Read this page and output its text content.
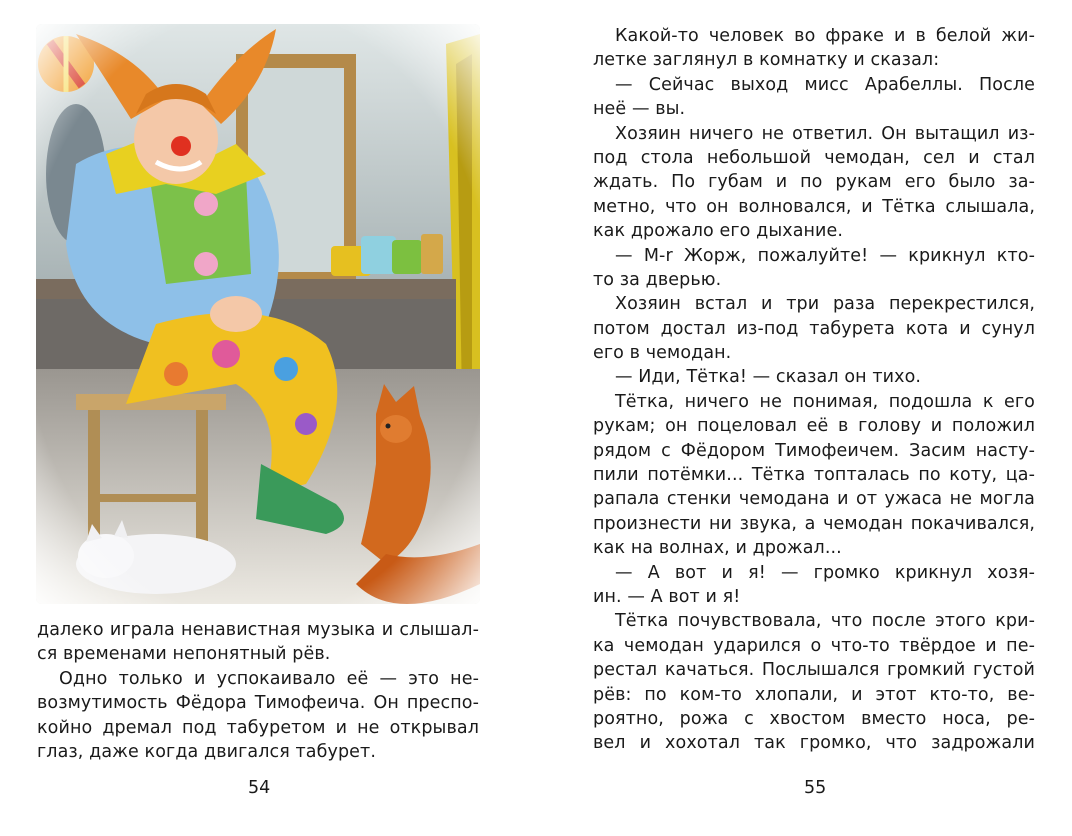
далеко играла ненавистная музыка и слышал-
ся временами непонятный рёв.
Одно только и успокаивало её — это не-
возмутимость Фёдора Тимофеича. Он преспо-
койно дремал под табуретом и не открывал
глаз, даже когда двигался табурет.
54
Какой-то человек во фраке и в белой жи-
летке заглянул в комнатку и сказал:
— Сейчас выход мисс Арабеллы. После
неё — вы.
Хозяин ничего не ответил. Он вытащил из-
под стола небольшой чемодан, сел и стал
ждать. По губам и по рукам его было за-
метно, что он волновался, и Тётка слышала,
как дрожало его дыхание.
— M-r Жорж, пожалуйте! — крикнул кто-
то за дверью.
Хозяин встал и три раза перекрестился,
потом достал из-под табурета кота и сунул
его в чемодан.
— Иди, Тётка! — сказал он тихо.
Тётка, ничего не понимая, подошла к его
рукам; он поцеловал её в голову и положил
рядом с Фёдором Тимофеичем. Засим насту-
пили потёмки... Тётка топталась по коту, ца-
рапала стенки чемодана и от ужаса не могла
произнести ни звука, а чемодан покачивался,
как на волнах, и дрожал...
— А вот и я! — громко крикнул хозя-
ин. — А вот и я!
Тётка почувствовала, что после этого кри-
ка чемодан ударился о что-то твёрдое и пе-
рестал качаться. Послышался громкий густой
рёв: по ком-то хлопали, и этот кто-то, ве-
роятно, рожа с хвостом вместо носа, ре-
вел и хохотал так громко, что задрожали
55
